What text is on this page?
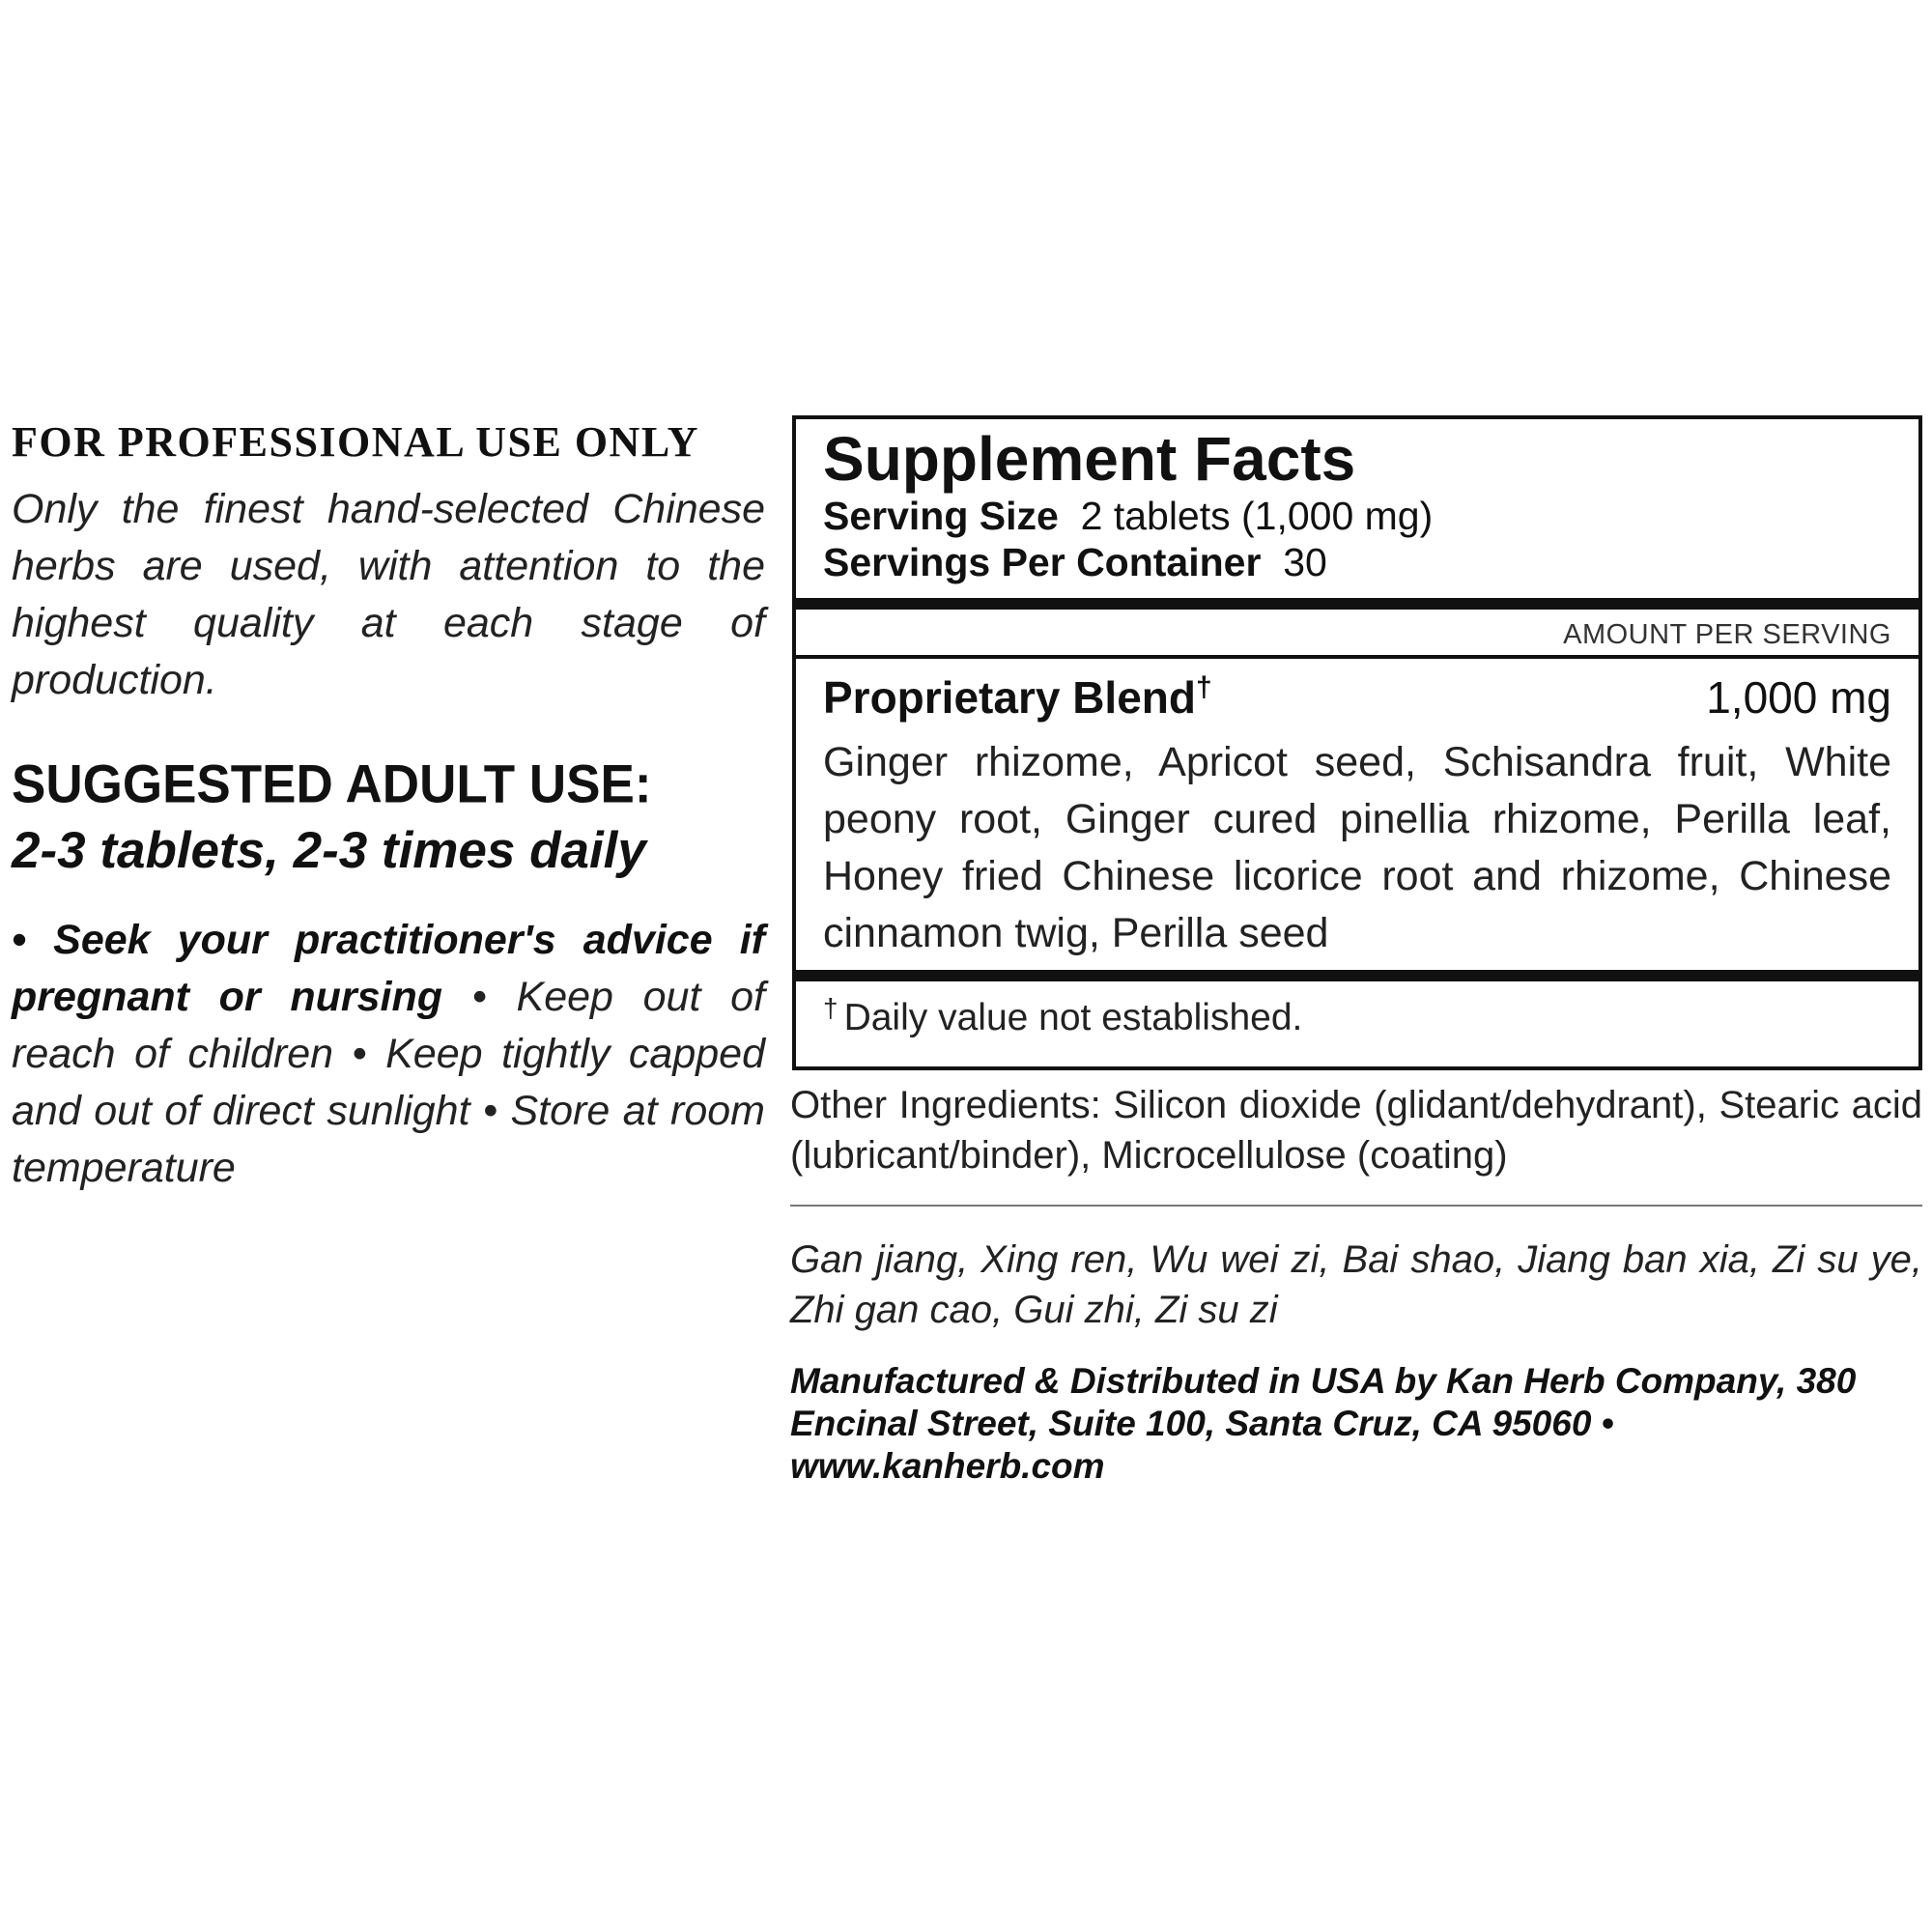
FOR PROFESSIONAL USE ONLY

Only the finest hand-selected Chinese herbs are used, with attention to the highest quality at each stage of production.

SUGGESTED ADULT USE:

2-3 tablets, 2-3 times daily

• Seek your practitioner's advice if pregnant or nursing • Keep out of reach of children • Keep tightly capped and out of direct sunlight • Store at room temperature

Supplement Facts

Serving Size 2 tablets (1,000 mg)

Servings Per Container 30

AMOUNT PER SERVING
Proprietary Blend†	1,000 mg

Ginger rhizome, Apricot seed, Schisandra fruit, White peony root, Ginger cured pinellia rhizome, Perilla leaf, Honey fried Chinese licorice root and rhizome, Chinese cinnamon twig, Perilla seed

† Daily value not established.

Other Ingredients: Silicon dioxide (glidant/dehydrant), Stearic acid (lubricant/binder), Microcellulose (coating)

Gan jiang, Xing ren, Wu wei zi, Bai shao, Jiang ban xia, Zi su ye, Zhi gan cao, Gui zhi, Zi su zi

Manufactured & Distributed in USA by Kan Herb Company, 380
Encinal Street, Suite 100, Santa Cruz, CA 95060 • www.kanherb.com
